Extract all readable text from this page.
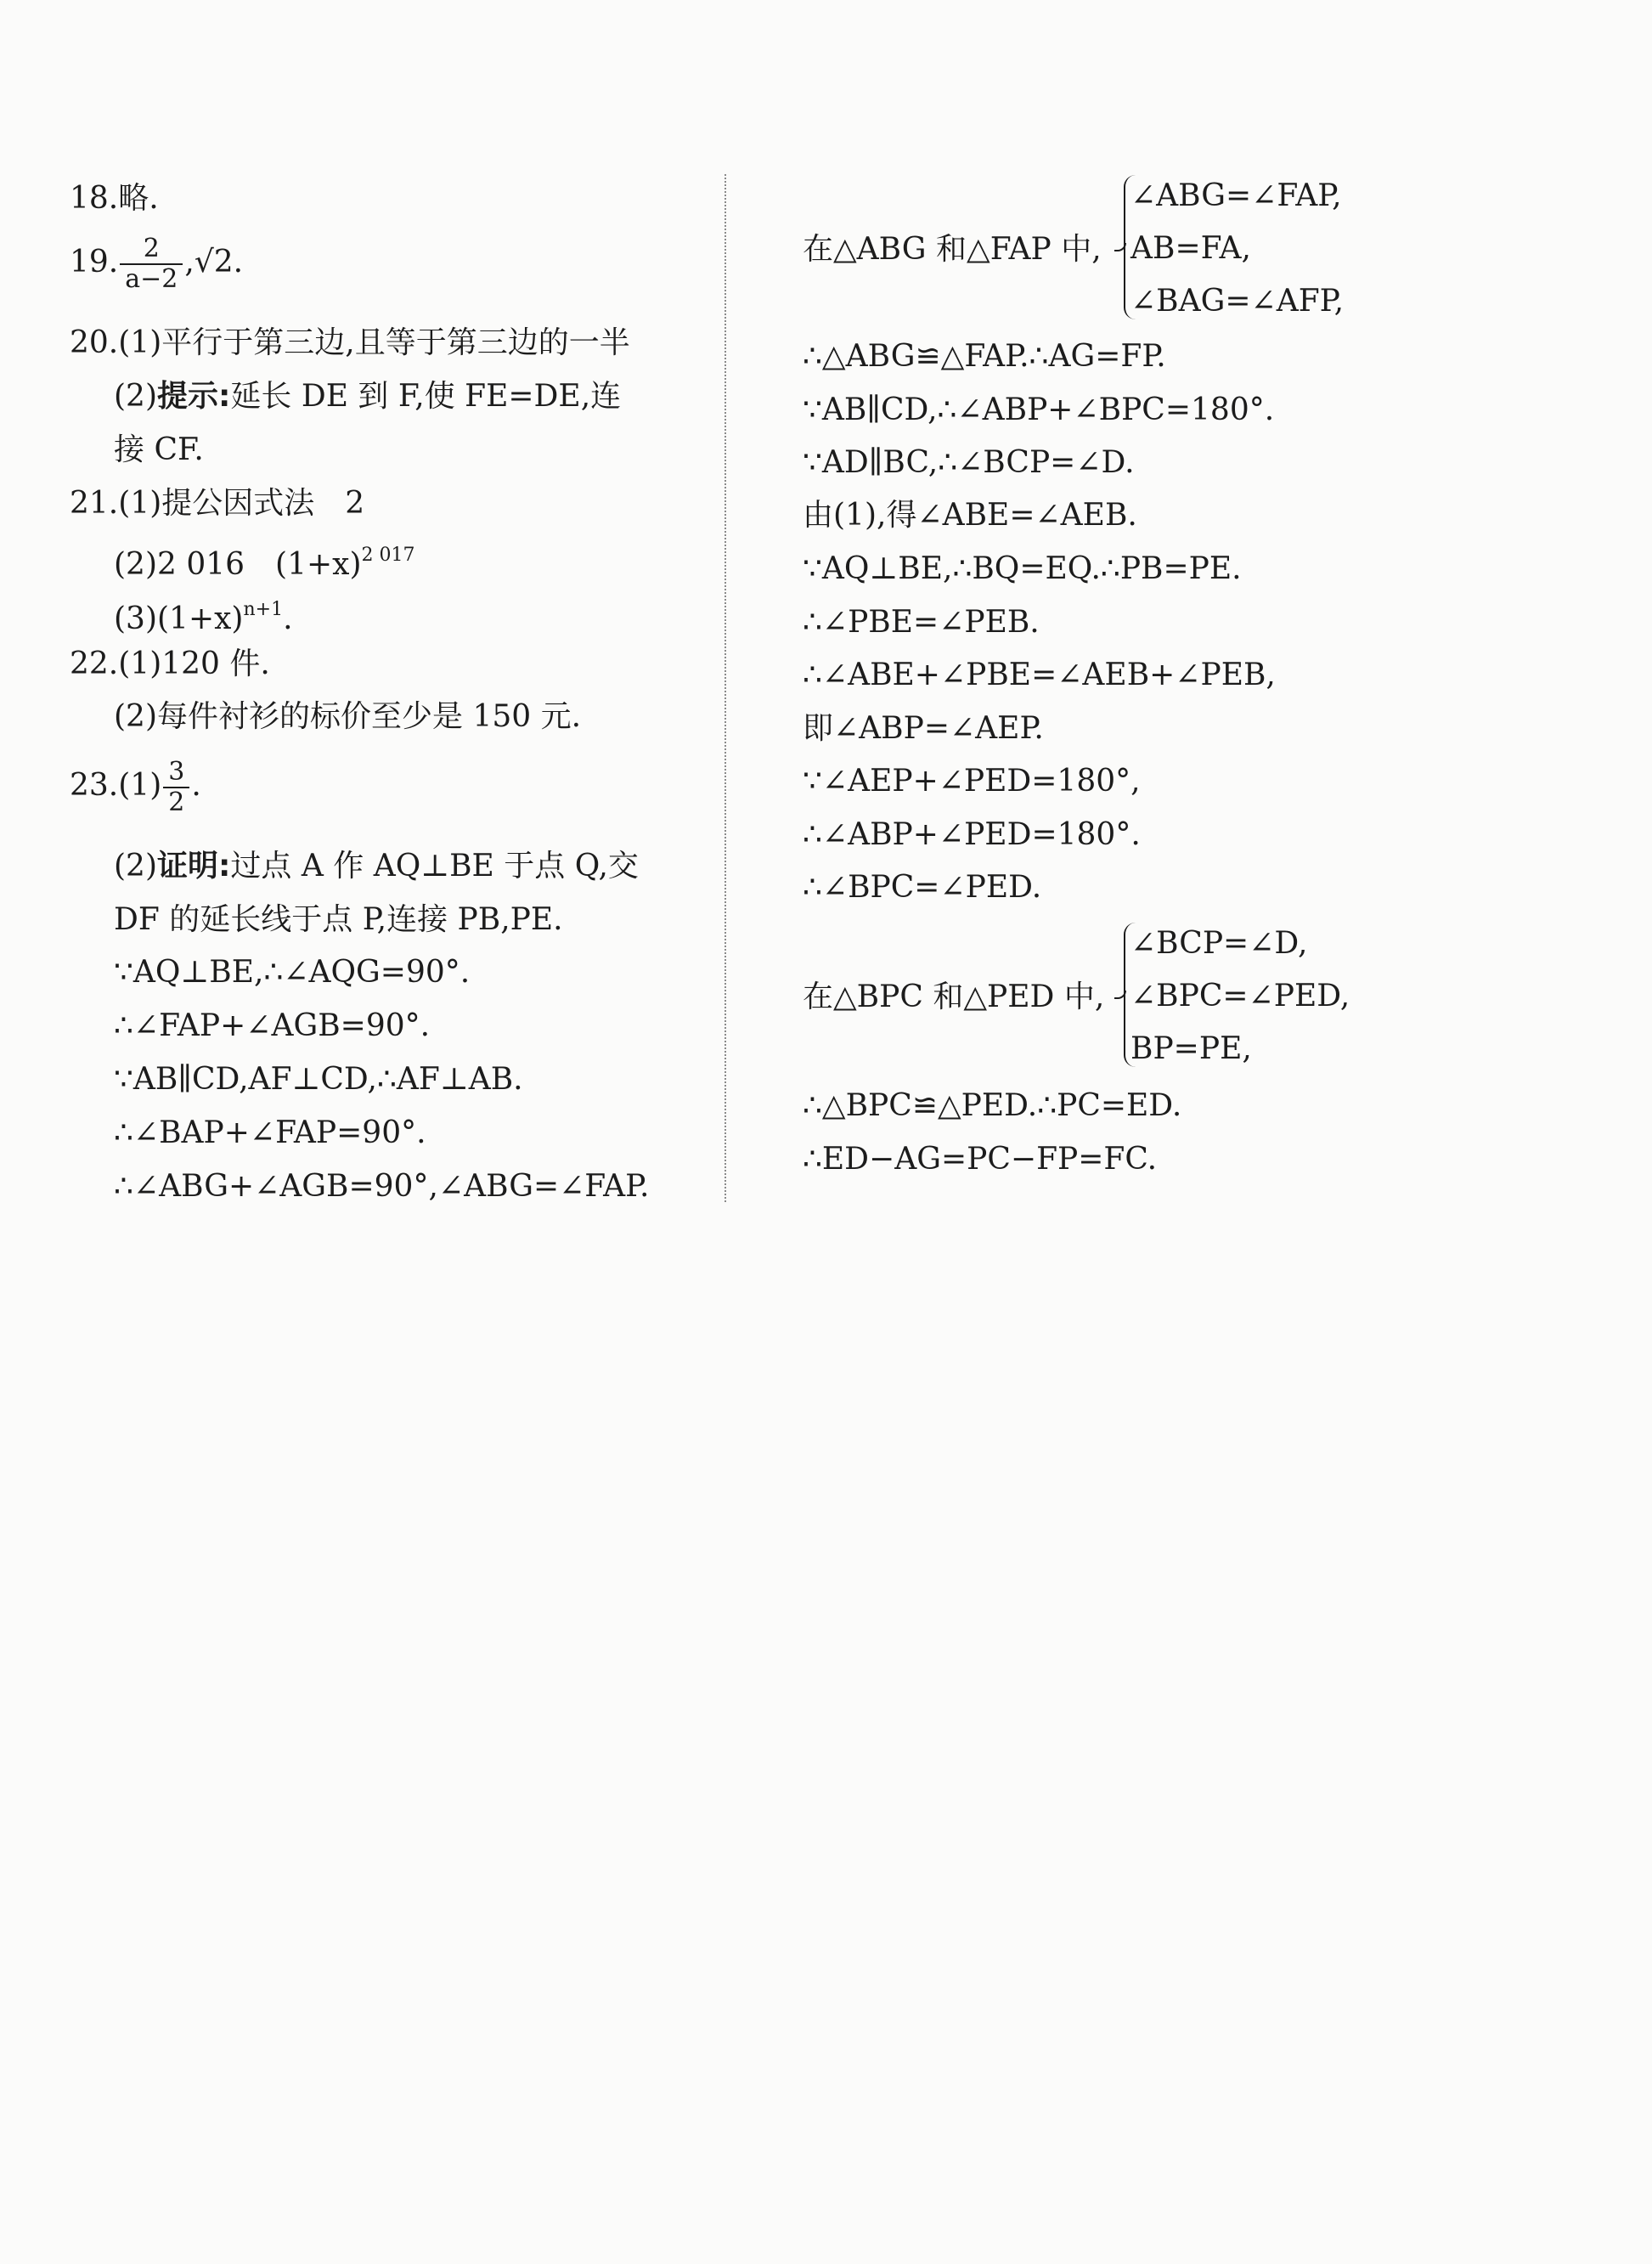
18.略.
19. $\frac{2}{a-2} ,√2$.
20.(1)平行于第三边,且等于第三边的一半
(2)提示:延长 DE 到 F,使 FE=DE,连
接 CF.
21.(1)提公因式法　2
(2)2 016　$(1+x)^{2 017}$
$(3)(1+x)^{n+1}$.
22.(1)120 件.
(2)每件衬衫的标价至少是 150 元.
$23.(1) \frac{3}{2}$ .
(2)证明:过点 A 作 AQ⊥BE 于点 Q,交
DF 的延长线于点 P,连接 PB,PE.
∵AQ⊥BE,∴∠AQG=90°.
∴∠FAP+∠AGB=90°.
∵AB∥CD,AF⊥CD,∴AF⊥AB.
∴∠BAP+∠FAP=90°.
∴∠ABG+∠AGB=90°,∠ABG=∠FAP.
在△ABG 和△FAP 中,
∠ABG=∠FAP,
AB=FA,
∠BAG=∠AFP,
∴△ABG≌△FAP.∴AG=FP.
∵AB∥CD,∴∠ABP+∠BPC=180°.
∵AD∥BC,∴∠BCP=∠D.
由(1),得∠ABE=∠AEB.
∵AQ⊥BE,∴BQ=EQ.∴PB=PE.
∴∠PBE=∠PEB.
∴∠ABE+∠PBE=∠AEB+∠PEB,
即∠ABP=∠AEP.
∵∠AEP+∠PED=180°,
∴∠ABP+∠PED=180°.
∴∠BPC=∠PED.
在△BPC 和△PED 中,
∠BCP=∠D,
∠BPC=∠PED,
BP=PE,
∴△BPC≌△PED.∴PC=ED.
∴ED−AG=PC−FP=FC.
